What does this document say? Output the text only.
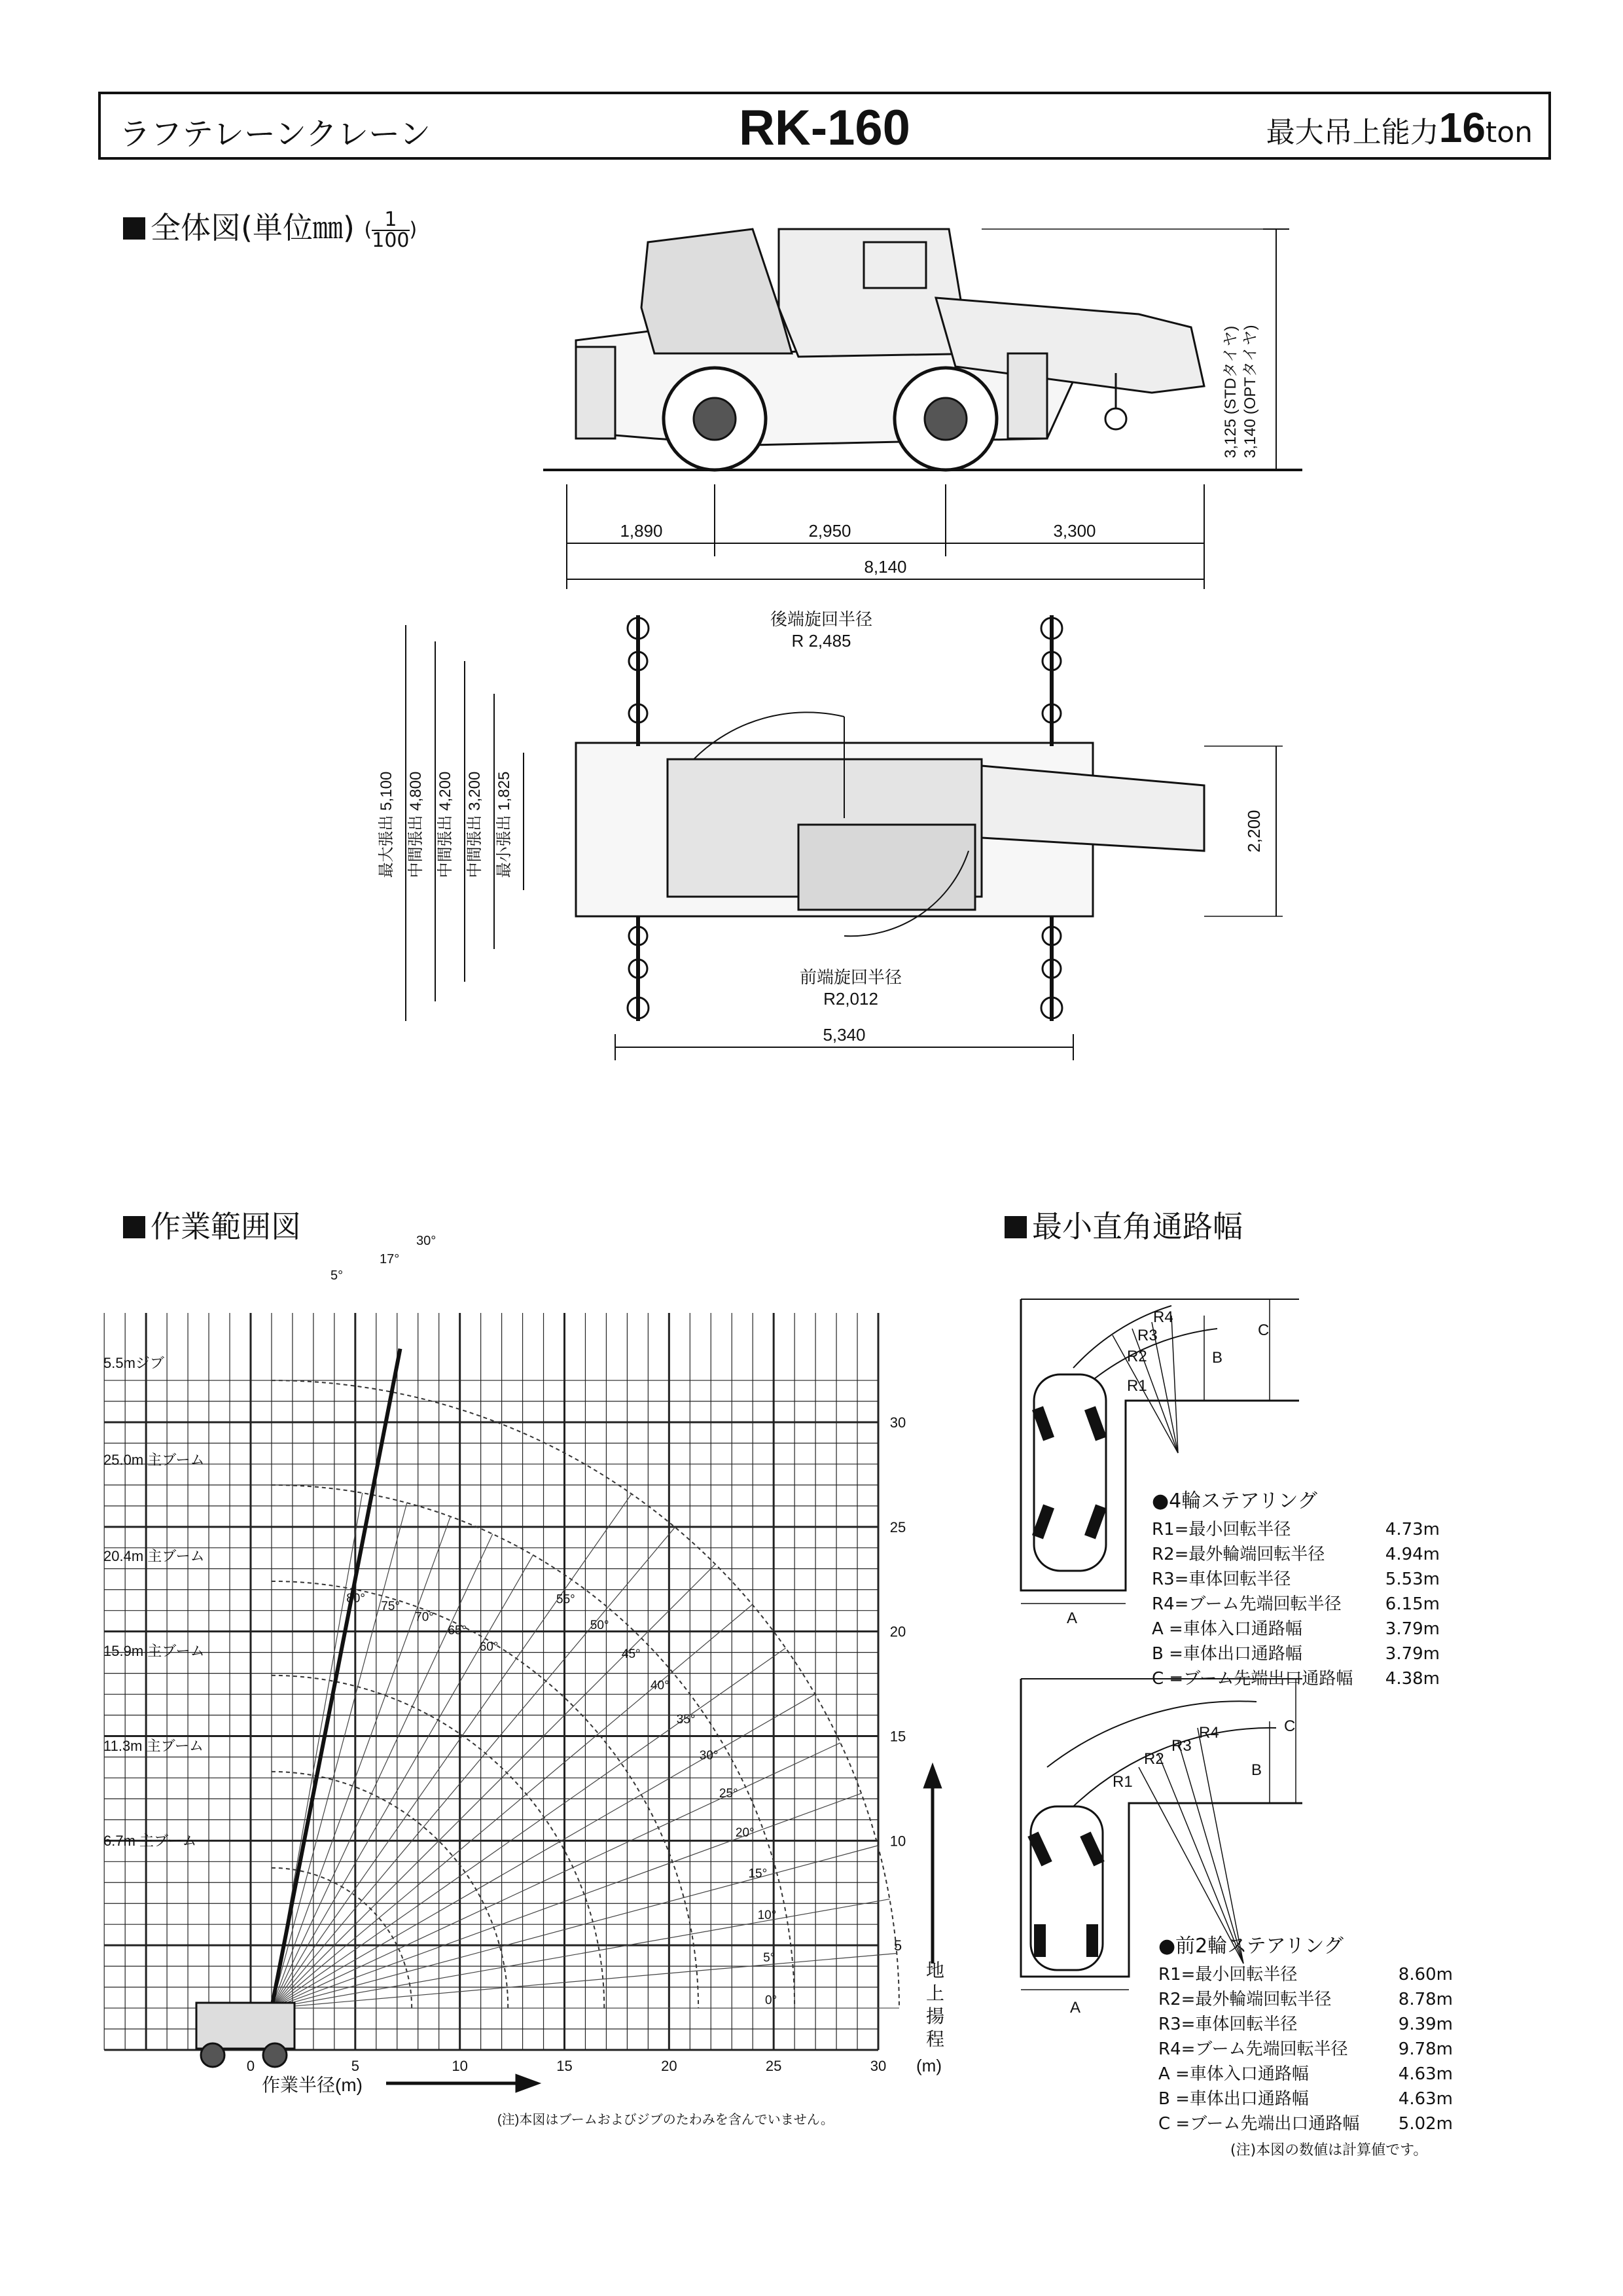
ラフテレーンクレーン	RK-160	最大吊上能力16ton
全体図(単位㎜) ( $\frac{1}{100}$ )
1,890	2,950	3,300
8,140
3,125 (STDタイヤ) 3,140 (OPTタイヤ)
後端旋回半径
R 2,485
前端旋回半径
R2,012
2,200
5,340
最大張出 5,100 中間張出 4,800 中間張出 4,200 中間張出 3,200 最小張出 1,825
0	5	10	15	20	25	30
5
10
15
20
25
30
5.5mジブ
25.0m 主ブーム
20.4m 主ブーム
15.9m 主ブーム
11.3m 主ブーム
6.7m 主ブーム
5°
17°
30°
80°
75°
70°
65°
60°
55°
50°
45°
40°
35°
30°
25°
20°
15°
10°
5°
0°
作業半径(m)
地
上
揚
程
(m)
(注)本図はブームおよびジブのたわみを含んでいません。
R4
R3
R2
R1
A
B
C
R4
R3
R2
R1
A
B
C
作業範囲図	最小直角通路幅
●4輪ステアリング
R1=最小回転半径	4.73m
R2=最外輪端回転半径	4.94m
R3=車体回転半径	5.53m
R4=ブーム先端回転半径	6.15m
A =車体入口通路幅	3.79m
B =車体出口通路幅	3.79m
C =ブーム先端出口通路幅 4.38m
●前2輪ステアリング
R1=最小回転半径	8.60m
R2=最外輪端回転半径	8.78m
R3=車体回転半径	9.39m
R4=ブーム先端回転半径	9.78m
A =車体入口通路幅	4.63m
B =車体出口通路幅	4.63m
C =ブーム先端出口通路幅 5.02m
(注)本図の数値は計算値です。
